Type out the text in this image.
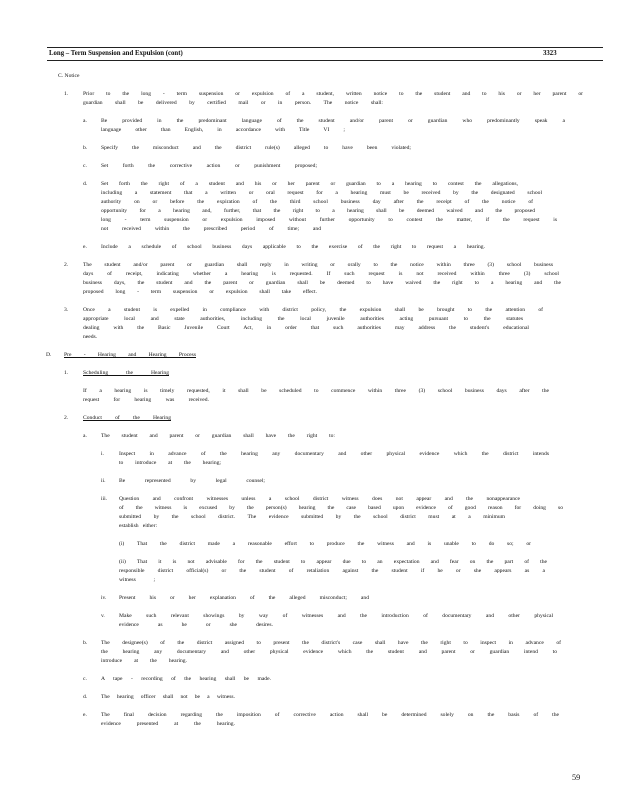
Long – Term Suspension and Expulsion (cont)	3323
C. Notice
1.	Prior to the long - term suspension or expulsion of a student, written notice to the student and to his or her parent or
guardian shall be delivered by certified mail or in person. The notice shall:
a.	Be provided in the predominant language of the student and/or parent or guardian who predominantly speak a
language other than English, in accordance with Title VI ;
b. Specify the misconduct and the district rule(s) alleged to have been violated;
c.	Set forth the corrective action or punishment proposed;
d. Set forth the right of a student and his or her parent or guardian to a hearing to contest the allegations,
including a statement that a written or oral request for a hearing must be received by the designated school
authority on or before the expiration of the third school business day after the receipt of the notice of
opportunity for a hearing and, further, that the right to a hearing shall be deemed waived and the proposed
long - term suspension or expulsion imposed without further opportunity to contest the matter, if the request is
not received within the prescribed period of time; and
e.	Include a schedule of school business days applicable to the exercise of the right to request a hearing.
2.	The student and/or parent or guardian shall reply in writing or orally to the notice within three (3) school business
days of receipt, indicating whether a hearing is requested. If such request is not received within three (3) school
business days, the student and the parent or guardian shall be deemed to have waived the right to a hearing and the
proposed long - term suspension or expulsion shall take effect.
3.	Once a student is expelled in compliance with district policy, the expulsion shall be brought to the attention of
appropriate local and state authorities, including the local juvenile authorities acting pursuant to the statutes
dealing with the Basic Juvenile Court Act, in order that such authorities may address the student's educational
needs.
D. Pre - Hearing and Hearing Process
1.	Scheduling the Hearing
If a hearing is timely requested, it shall be scheduled to commence within three (3) school business days after the
request for hearing was received.
2.	Conduct of the Hearing
a.	The student and parent or guardian shall have the right to:
i.	Inspect in advance of the hearing any documentary and other physical evidence which the district intends
to introduce at the hearing;
ii. Be represented by legal counsel;
iii. Question and confront witnesses unless a school district witness does not appear and the nonappearance
of the witness is excused by the person(s) hearing the case based upon evidence of good reason for doing so
submitted by the school district. The evidence submitted by the school district must at a minimum
establish either:
(i) That the district made a reasonable effort to produce the witness and is unable to do so; or
(ii) That it is not advisable for the student to appear due to an expectation and fear on the part of the
responsible district official(s) or the student of retaliation against the student if he or she appears as a
witness ;
iv. Present his or her explanation of the alleged misconduct; and
v.	Make such relevant showings by way of witnesses and the introduction of documentary and other physical
evidence as he or she desires.
b. The designee(s) of the district assigned to present the district's case shall have the right to inspect in advance of
the hearing any documentary and other physical evidence which the student and parent or guardian intend to
introduce at the hearing.
c.	A tape - recording of the hearing shall be made.
d. The hearing officer shall not be a witness.
e.	The final decision regarding the imposition of corrective action shall be determined solely on the basis of the
evidence presented at the hearing.
59
